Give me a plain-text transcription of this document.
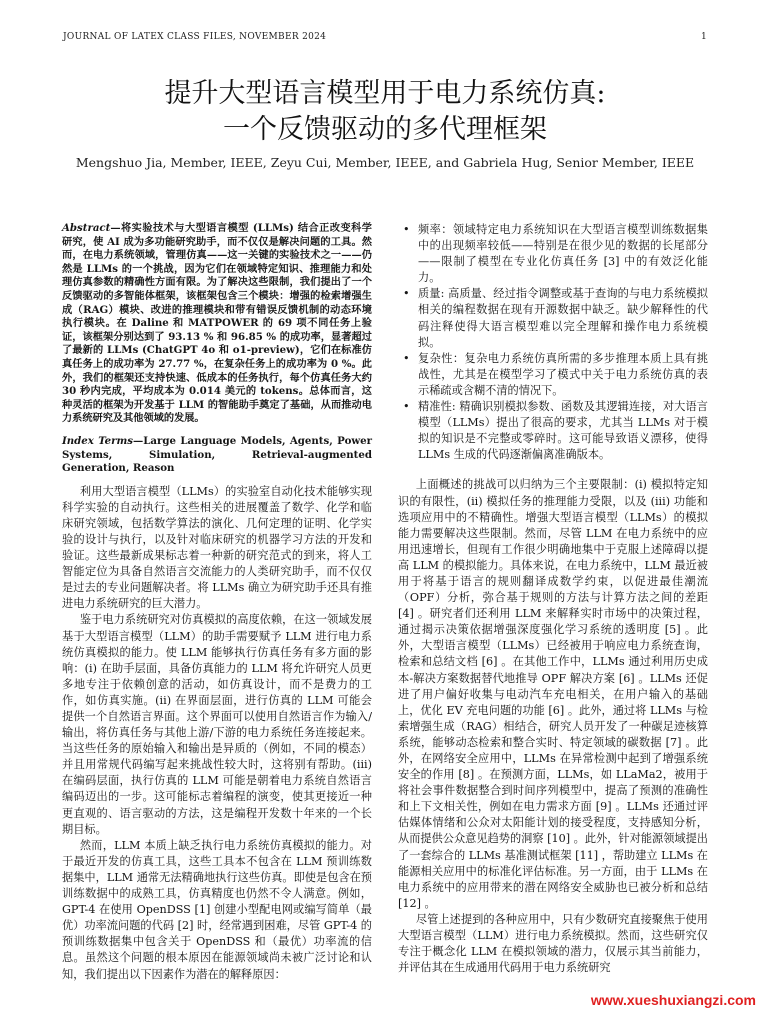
JOURNAL OF LATEX CLASS FILES, NOVEMBER 2024	1
提升大型语言模型用于电力系统仿真:
一个反馈驱动的多代理框架
Mengshuo Jia, Member, IEEE, Zeyu Cui, Member, IEEE, and Gabriela Hug, Senior Member, IEEE

Abstract—将实验技术与大型语言模型 (LLMs) 结合正改变科学研究，使 AI 成为多功能研究助手，而不仅仅是解决问题的工具。然而，在电力系统领域，管理仿真——这一关键的实验技术之一——仍然是 LLMs 的一个挑战，因为它们在领域特定知识、推理能力和处理仿真参数的精确性方面有限。为了解决这些限制，我们提出了一个反馈驱动的多智能体框架，该框架包含三个模块：增强的检索增强生成（RAG）模块、改进的推理模块和带有错误反馈机制的动态环境执行模块。在 Daline 和 MATPOWER 的 69 项不同任务上验证，该框架分别达到了 93.13 % 和 96.85 % 的成功率，显著超过了最新的 LLMs (ChatGPT 4o 和 o1-preview)，它们在标准仿真任务上的成功率为 27.77 %，在复杂任务上的成功率为 0 %。此外，我们的框架还支持快速、低成本的任务执行，每个仿真任务大约 30 秒内完成，平均成本为 0.014 美元的 tokens。总体而言，这种灵活的框架为开发基于 LLM 的智能助手奠定了基础，从而推动电力系统研究及其他领域的发展。

Index Terms—Large Language Models, Agents, Power Systems, Simulation, Retrieval-augmented Generation, Reason

利用大型语言模型（LLMs）的实验室自动化技术能够实现科学实验的自动执行。这些相关的进展覆盖了数学、化学和临床研究领域，包括数学算法的演化、几何定理的证明、化学实验的设计与执行，以及针对临床研究的机器学习方法的开发和验证。这些最新成果标志着一种新的研究范式的到来，将人工智能定位为具备自然语言交流能力的人类研究助手，而不仅仅是过去的专业问题解决者。将 LLMs 确立为研究助手还具有推进电力系统研究的巨大潜力。

鉴于电力系统研究对仿真模拟的高度依赖，在这一领域发展基于大型语言模型（LLM）的助手需要赋予 LLM 进行电力系统仿真模拟的能力。使 LLM 能够执行仿真任务有多方面的影响：(i) 在助手层面，具备仿真能力的 LLM 将允许研究人员更多地专注于依赖创意的活动，如仿真设计，而不是费力的工作，如仿真实施。(ii) 在界面层面，进行仿真的 LLM 可能会提供一个自然语言界面。这个界面可以使用自然语言作为输入/输出，将仿真任务与其他上游/下游的电力系统任务连接起来。当这些任务的原始输入和输出是异质的（例如，不同的模态）并且用常规代码编写起来挑战性较大时，这将别有帮助。(iii) 在编码层面，执行仿真的 LLM 可能是朝着电力系统自然语言编码迈出的一步。这可能标志着编程的演变，使其更接近一种更直观的、语言驱动的方法，这是编程开发数十年来的一个长期目标。

然而，LLM 本质上缺乏执行电力系统仿真模拟的能力。对于最近开发的仿真工具，这些工具本不包含在 LLM 预训练数据集中，LLM 通常无法精确地执行这些仿真。即使是包含在预训练数据中的成熟工具，仿真精度也仍然不令人满意。例如，GPT-4 在使用 OpenDSS [1] 创建小型配电网或编写简单（最优）功率流问题的代码 [2] 时，经常遇到困难，尽管 GPT-4 的预训练数据集中包含关于 OpenDSS 和（最优）功率流的信息。虽然这个问题的根本原因在能源领域尚未被广泛讨论和认知，我们提出以下因素作为潜在的解释原因：

• 频率：领域特定电力系统知识在大型语言模型训练数据集中的出现频率较低——特别是在很少见的数据的长尾部分——限制了模型在专业化仿真任务 [3] 中的有效泛化能力。
• 质量: 高质量、经过指令调整或基于查询的与电力系统模拟相关的编程数据在现有开源数据中缺乏。缺少解释性的代码注释使得大语言模型难以完全理解和操作电力系统模拟。
• 复杂性：复杂电力系统仿真所需的多步推理本质上具有挑战性，尤其是在模型学习了模式中关于电力系统仿真的表示稀疏或含糊不清的情况下。
• 精准性: 精确识别模拟参数、函数及其逻辑连接，对大语言模型（LLMs）提出了很高的要求，尤其当 LLMs 对于模拟的知识是不完整或零碎时。这可能导致语义漂移，使得 LLMs 生成的代码逐渐偏离准确版本。

上面概述的挑战可以归纳为三个主要限制：(i) 模拟特定知识的有限性，(ii) 模拟任务的推理能力受限，以及 (iii) 功能和选项应用中的不精确性。增强大型语言模型（LLMs）的模拟能力需要解决这些限制。然而，尽管 LLM 在电力系统中的应用迅速增长，但现有工作很少明确地集中于克服上述障碍以提高 LLM 的模拟能力。具体来说，在电力系统中，LLM 最近被用于将基于语言的规则翻译成数学约束，以促进最佳潮流（OPF）分析，弥合基于规则的方法与计算方法之间的差距 [4] 。研究者们还利用 LLM 来解释实时市场中的决策过程，通过揭示决策依据增强深度强化学习系统的透明度 [5] 。此外，大型语言模型（LLMs）已经被用于响应电力系统查询，检索和总结文档 [6] 。在其他工作中，LLMs 通过利用历史成本-解决方案数据替代地推导 OPF 解决方案 [6] 。LLMs 还促进了用户偏好收集与电动汽车充电相关，在用户输入的基础上，优化 EV 充电问题的功能 [6] 。此外，通过将 LLMs 与检索增强生成（RAG）相结合，研究人员开发了一种碳足迹核算系统，能够动态检索和整合实时、特定领域的碳数据 [7] 。此外，在网络安全应用中，LLMs 在异常检测中起到了增强系统安全的作用 [8] 。在预测方面，LLMs，如 LLaMa2，被用于将社会事件数据整合到时间序列模型中，提高了预测的准确性和上下文相关性，例如在电力需求方面 [9] 。LLMs 还通过评估媒体情绪和公众对太阳能计划的接受程度，支持感知分析，从而提供公众意见趋势的洞察 [10] 。此外，针对能源领域提出了一套综合的 LLMs 基准测试框架 [11] ，帮助建立 LLMs 在能源相关应用中的标准化评估标准。另一方面，由于 LLMs 在电力系统中的应用带来的潜在网络安全威胁也已被分析和总结 [12] 。

尽管上述提到的各种应用中，只有少数研究直接聚焦于使用大型语言模型（LLM）进行电力系统模拟。然而，这些研究仅专注于概念化 LLM 在模拟领域的潜力，仅展示其当前能力，并评估其在生成通用代码用于电力系统研究

www.xueshuxiangzi.com
